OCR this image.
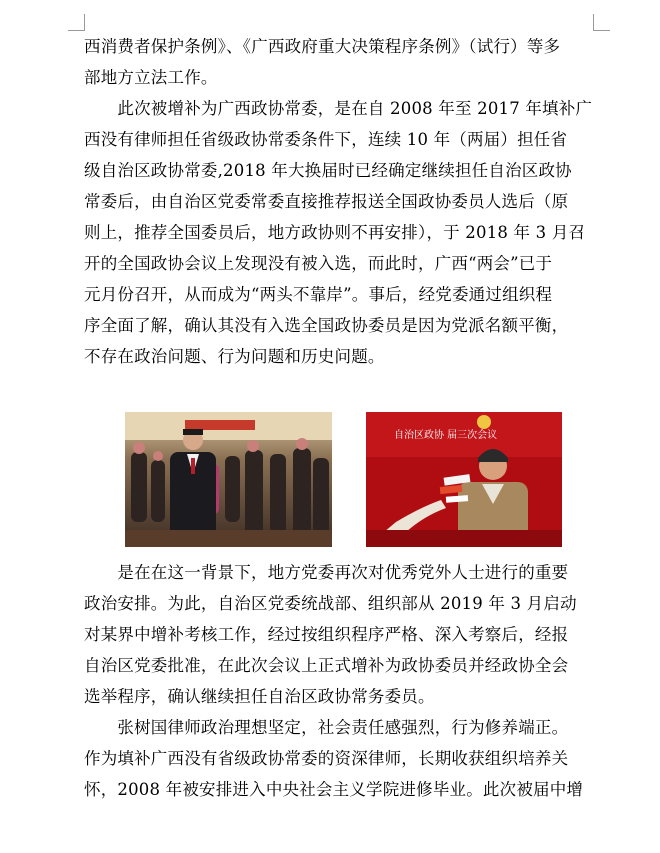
西消费者保护条例》、《广西政府重大决策程序条例》（试行）等多
部地方立法工作。
　　此次被增补为广西政协常委，是在自 2008 年至 2017 年填补广
西没有律师担任省级政协常委条件下，连续 10 年（两届）担任省
级自治区政协常委,2018 年大换届时已经确定继续担任自治区政协
常委后，由自治区党委常委直接推荐报送全国政协委员人选后（原
则上，推荐全国委员后，地方政协则不再安排），于 2018 年 3 月召
开的全国政协会议上发现没有被入选，而此时，广西“两会”已于
元月份召开，从而成为“两头不靠岸”。事后，经党委通过组织程
序全面了解，确认其没有入选全国政协委员是因为党派名额平衡，
不存在政治问题、行为问题和历史问题。
自治区政协 届三次会议
　　是在在这一背景下，地方党委再次对优秀党外人士进行的重要
政治安排。为此，自治区党委统战部、组织部从 2019 年 3 月启动
对某界中增补考核工作，经过按组织程序严格、深入考察后，经报
自治区党委批准，在此次会议上正式增补为政协委员并经政协全会
选举程序，确认继续担任自治区政协常务委员。
　　张树国律师政治理想坚定，社会责任感强烈，行为修养端正。
作为填补广西没有省级政协常委的资深律师，长期收获组织培养关
怀，2008 年被安排进入中央社会主义学院进修毕业。此次被届中增
